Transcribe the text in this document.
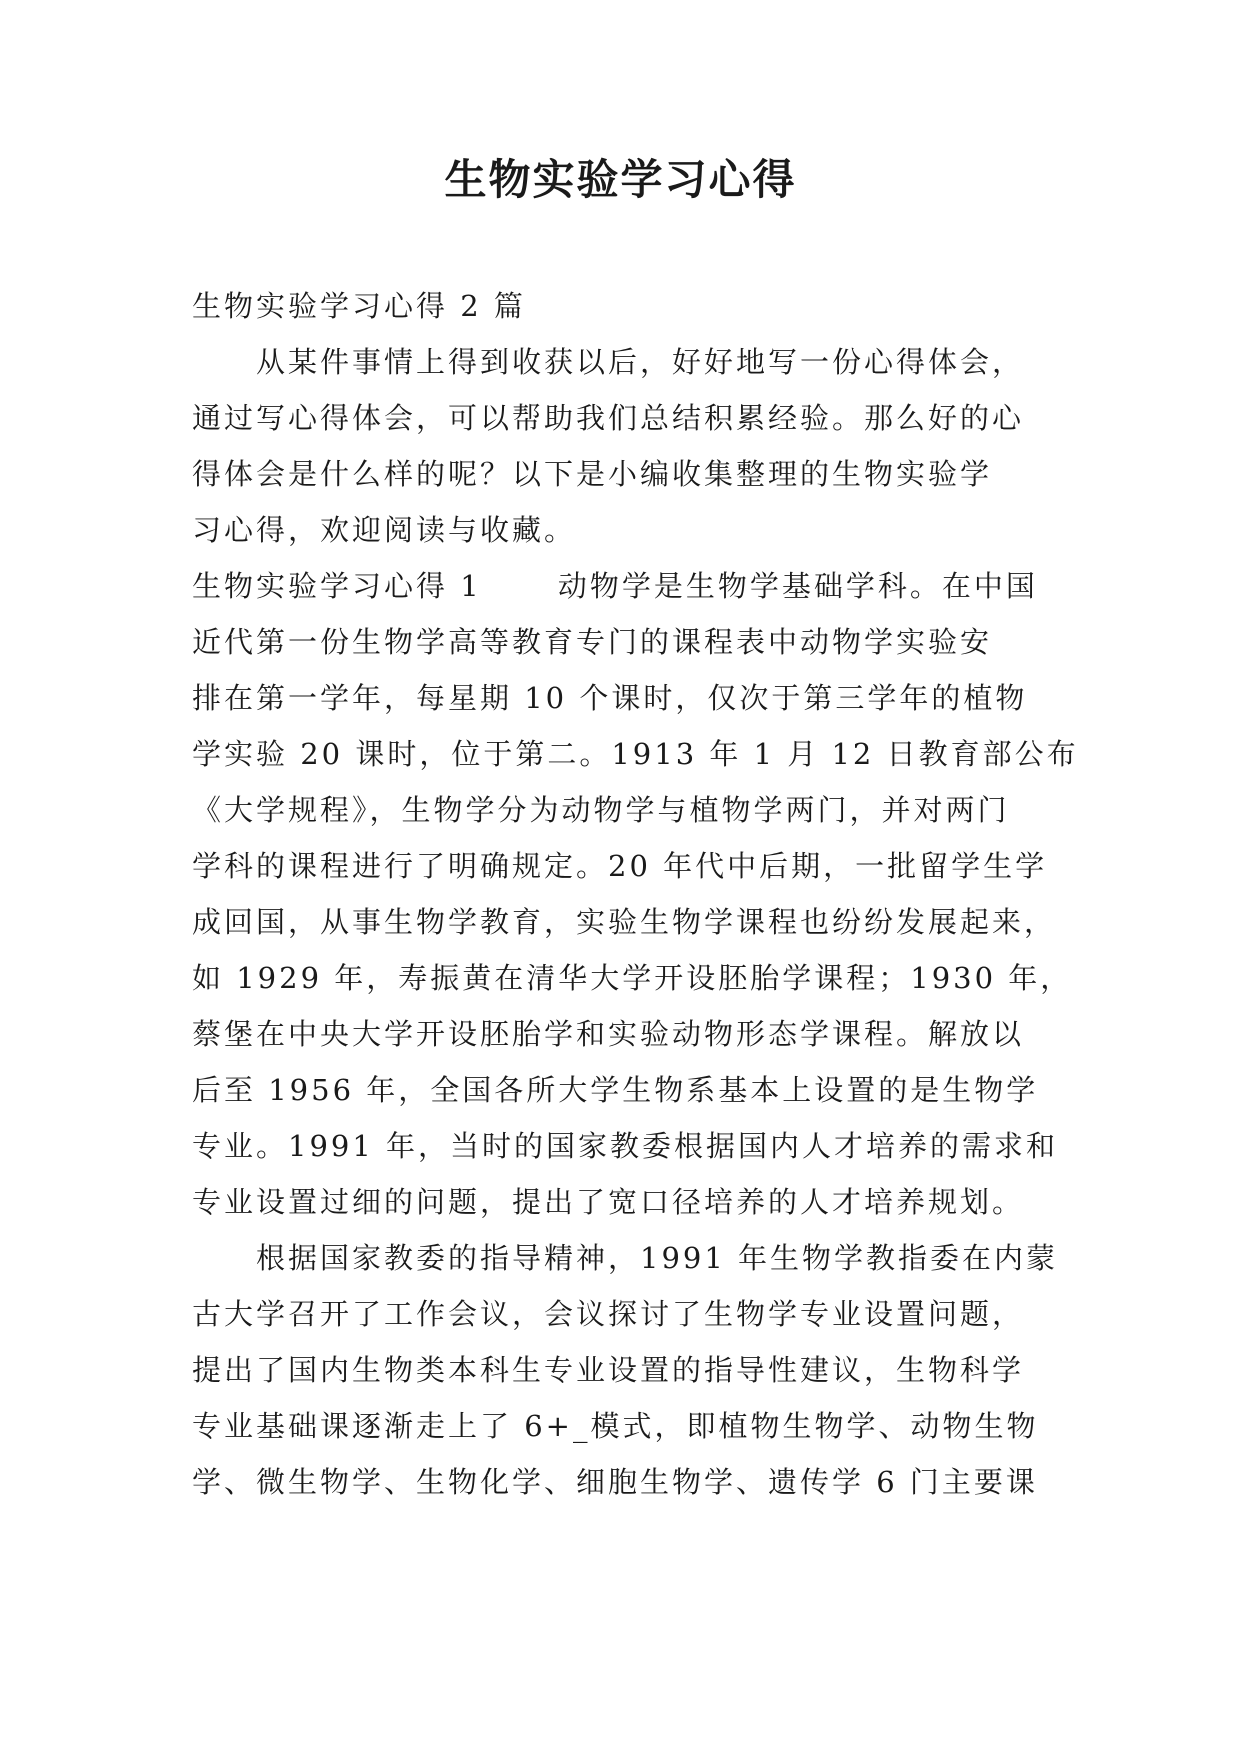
生物实验学习心得
生物实验学习心得 2 篇
　　从某件事情上得到收获以后，好好地写一份心得体会，
通过写心得体会，可以帮助我们总结积累经验。那么好的心
得体会是什么样的呢？以下是小编收集整理的生物实验学
习心得，欢迎阅读与收藏。
生物实验学习心得 1　　 动物学是生物学基础学科。在中国
近代第一份生物学高等教育专门的课程表中动物学实验安
排在第一学年，每星期 10 个课时，仅次于第三学年的植物
学实验 20 课时，位于第二。1913 年 1 月 12 日教育部公布
《大学规程》，生物学分为动物学与植物学两门，并对两门
学科的课程进行了明确规定。20 年代中后期，一批留学生学
成回国，从事生物学教育，实验生物学课程也纷纷发展起来，
如 1929 年，寿振黄在清华大学开设胚胎学课程；1930 年，
蔡堡在中央大学开设胚胎学和实验动物形态学课程。解放以
后至 1956 年，全国各所大学生物系基本上设置的是生物学
专业。1991 年，当时的国家教委根据国内人才培养的需求和
专业设置过细的问题，提出了宽口径培养的人才培养规划。
　　根据国家教委的指导精神，1991 年生物学教指委在内蒙
古大学召开了工作会议，会议探讨了生物学专业设置问题，
提出了国内生物类本科生专业设置的指导性建议，生物科学
专业基础课逐渐走上了 6+_模式，即植物生物学、动物生物
学、微生物学、生物化学、细胞生物学、遗传学 6 门主要课
